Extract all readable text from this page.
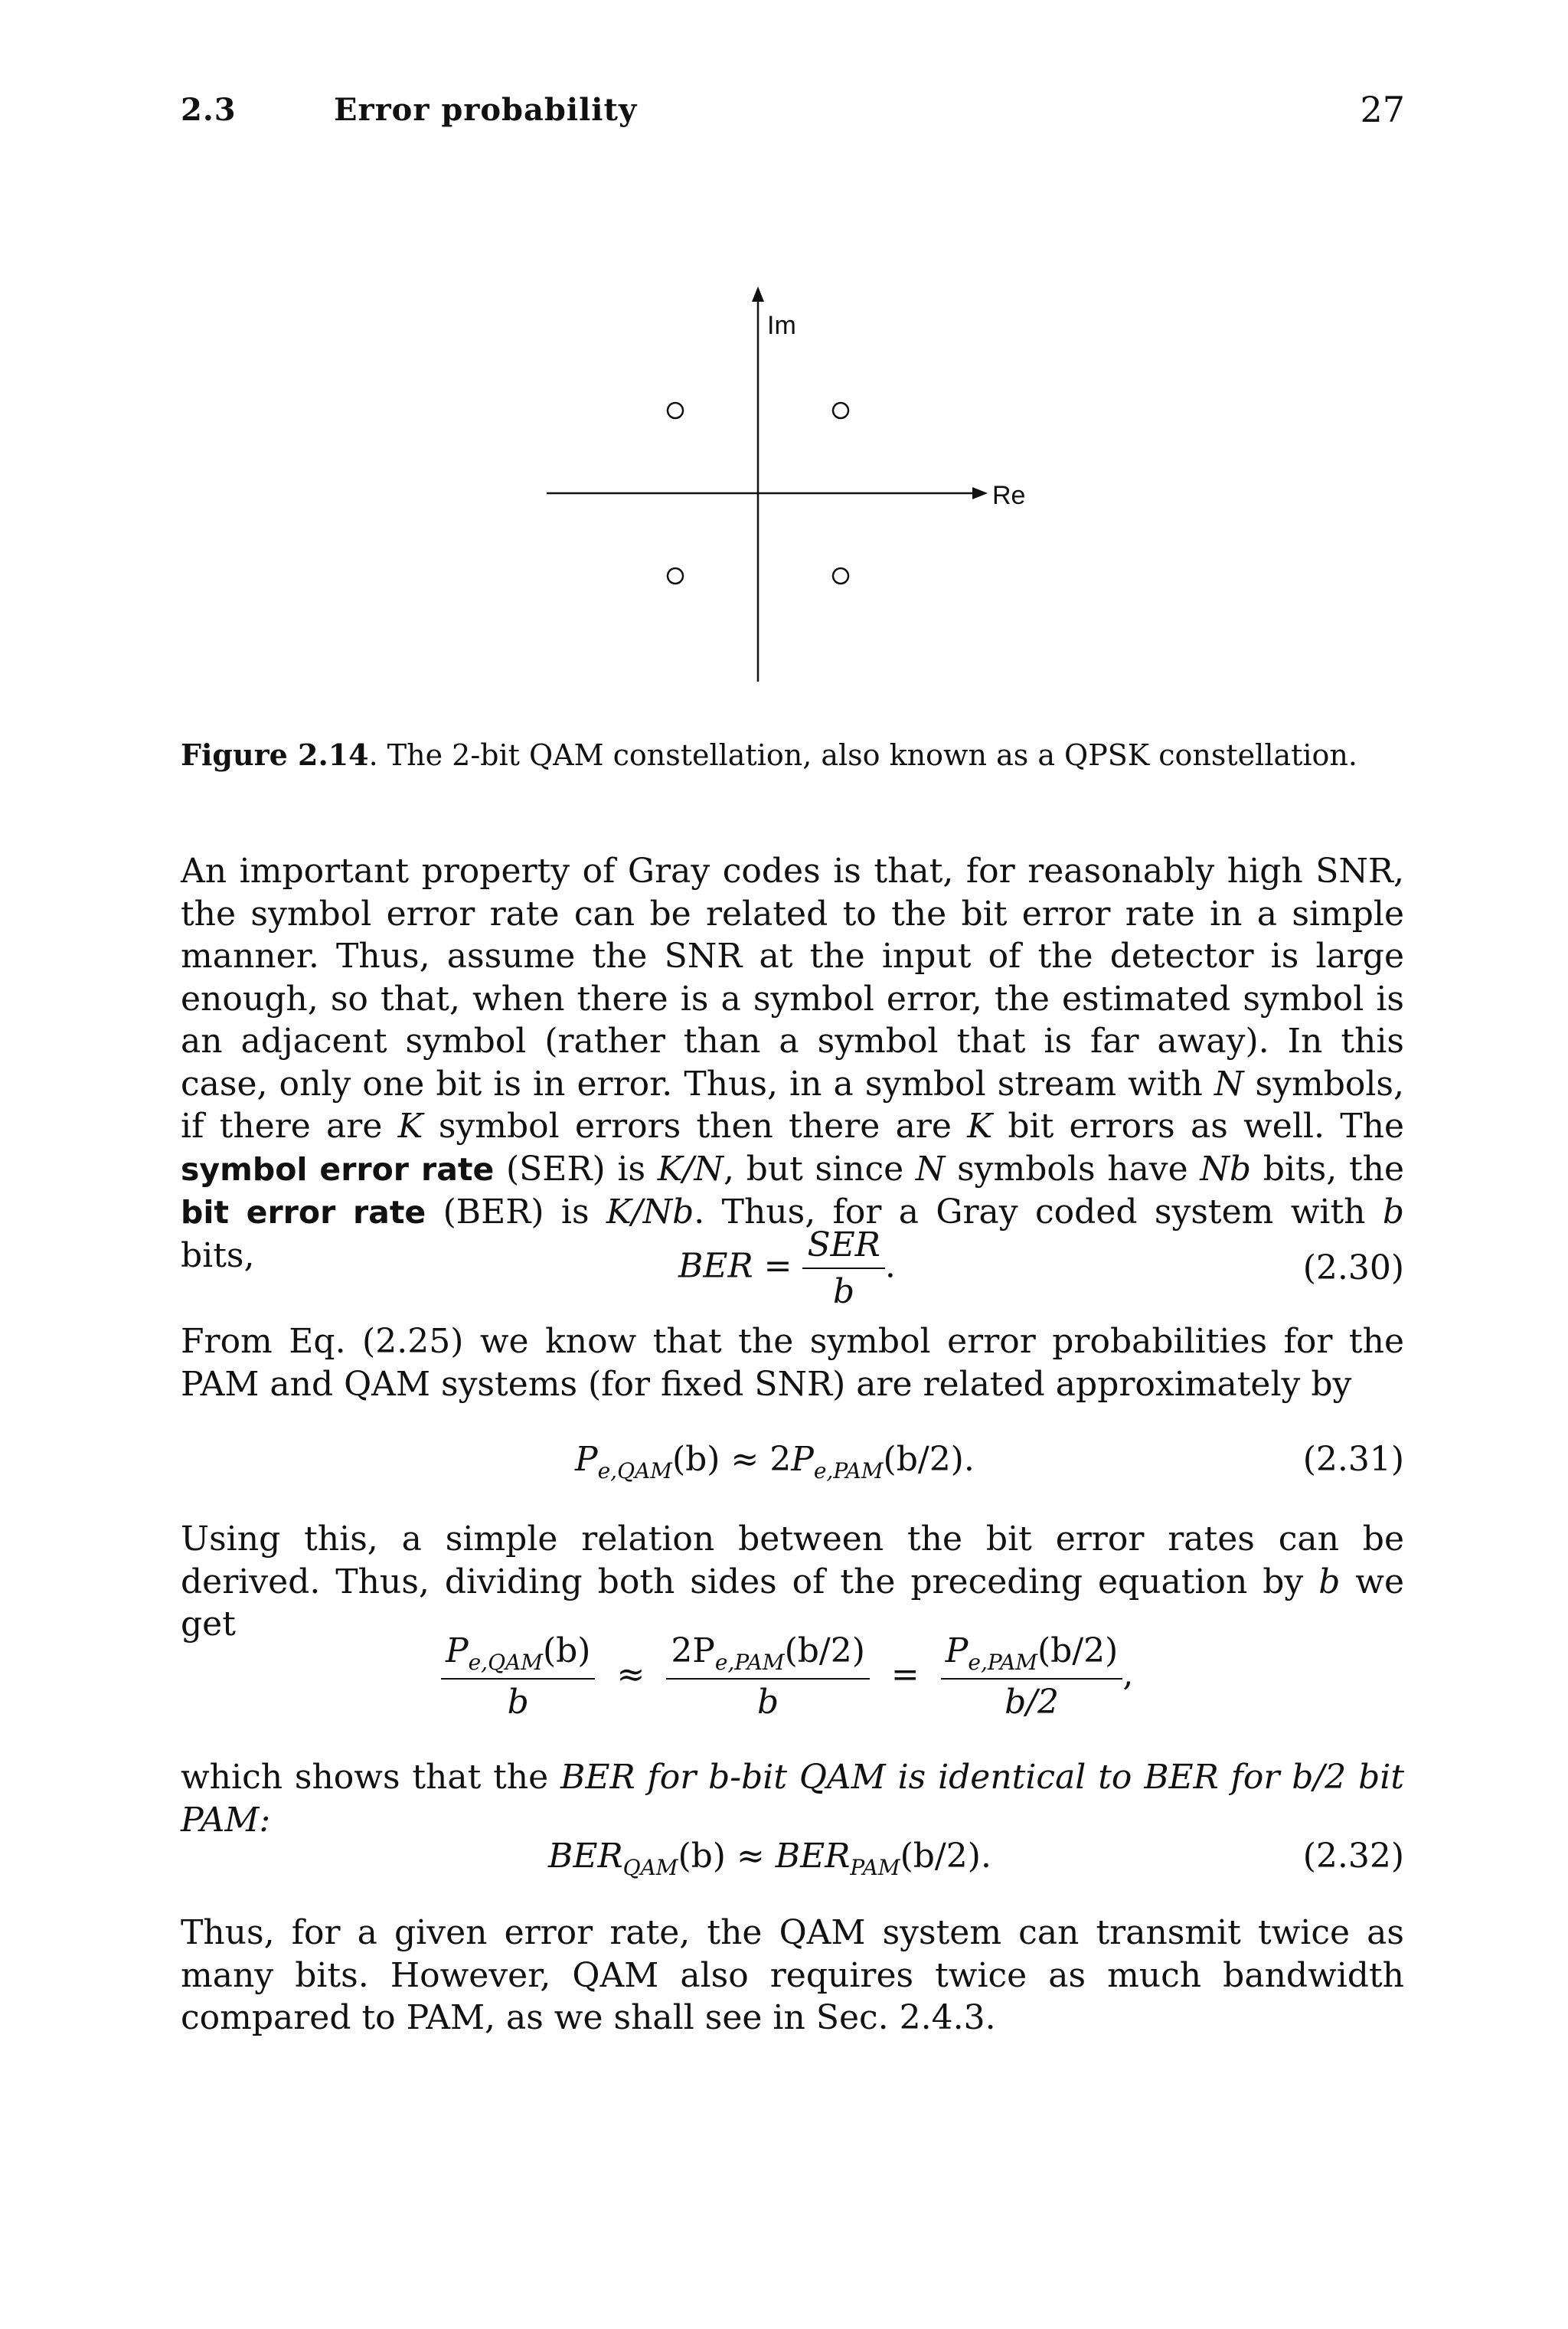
2.3	Error probability	27
Im
Re
Figure 2.14. The 2-bit QAM constellation, also known as a QPSK constellation.

An important property of Gray codes is that, for reasonably high SNR, the symbol error rate can be related to the bit error rate in a simple manner. Thus, assume the SNR at the input of the detector is large enough, so that, when there is a symbol error, the estimated symbol is an adjacent symbol (rather than a symbol that is far away). In this case, only one bit is in error. Thus, in a symbol stream with N symbols, if there are K symbol errors then there are K bit errors as well. The symbol error rate (SER) is K/N, but since N symbols have Nb bits, the bit error rate (BER) is K/Nb. Thus, for a Gray coded system with b bits,	BER = $\frac{\text{SER}}{b}$ .	(2.30)

From Eq. (2.25) we know that the symbol error probabilities for the PAM and QAM systems (for fixed SNR) are related approximately by

$P_{e,QAM}(b) \approx 2P_{e,PAM}(b/2)$.	(2.31)

Using this, a simple relation between the bit error rates can be derived. Thus, dividing both sides of the preceding equation by b we get

$\frac{P_{e,QAM}(b)}{b} \approx \frac{2P_{e,PAM}(b/2)}{b} = \frac{P_{e,PAM}(b/2)}{b/2}$ ,

which shows that the BER for b-bit QAM is identical to BER for b/2 bit PAM:

$BER_{QAM}(b) \approx BER_{PAM}(b/2)$.	(2.32)

Thus, for a given error rate, the QAM system can transmit twice as many bits. However, QAM also requires twice as much bandwidth compared to PAM, as we shall see in Sec. 2.4.3.
